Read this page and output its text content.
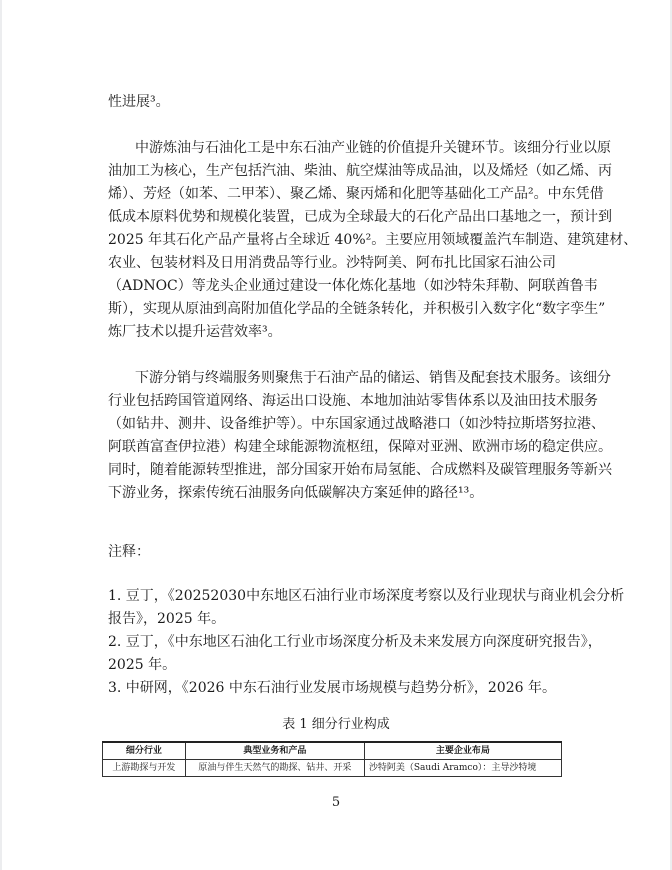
性进展³。

中游炼油与石油化工是中东石油产业链的价值提升关键环节。该细分行业以原

油加工为核心，生产包括汽油、柴油、航空煤油等成品油，以及烯烃（如乙烯、丙

烯）、芳烃（如苯、二甲苯）、聚乙烯、聚丙烯和化肥等基础化工产品²。中东凭借

低成本原料优势和规模化装置，已成为全球最大的石化产品出口基地之一，预计到

2025 年其石化产品产量将占全球近 40%²。主要应用领域覆盖汽车制造、建筑建材、

农业、包装材料及日用消费品等行业。沙特阿美、阿布扎比国家石油公司

（ADNOC）等龙头企业通过建设一体化炼化基地（如沙特朱拜勒、阿联酋鲁韦

斯），实现从原油到高附加值化学品的全链条转化，并积极引入数字化“数字孪生”

炼厂技术以提升运营效率³。

下游分销与终端服务则聚焦于石油产品的储运、销售及配套技术服务。该细分

行业包括跨国管道网络、海运出口设施、本地加油站零售体系以及油田技术服务

（如钻井、测井、设备维护等）。中东国家通过战略港口（如沙特拉斯塔努拉港、

阿联酋富查伊拉港）构建全球能源物流枢纽，保障对亚洲、欧洲市场的稳定供应。

同时，随着能源转型推进，部分国家开始布局氢能、合成燃料及碳管理服务等新兴

下游业务，探索传统石油服务向低碳解决方案延伸的路径¹³。

注释：

1. 豆丁，《20252030中东地区石油行业市场深度考察以及行业现状与商业机会分析

报告》，2025 年。

2. 豆丁，《中东地区石油化工行业市场深度分析及未来发展方向深度研究报告》，

2025 年。

3. 中研网，《2026 中东石油行业发展市场规模与趋势分析》，2026 年。

表 1 细分行业构成
细分行业	典型业务和产品	主要企业布局
上游勘探与开发	原油与伴生天然气的勘探、钻井、开采	沙特阿美（Saudi Aramco）：主导沙特境
5
